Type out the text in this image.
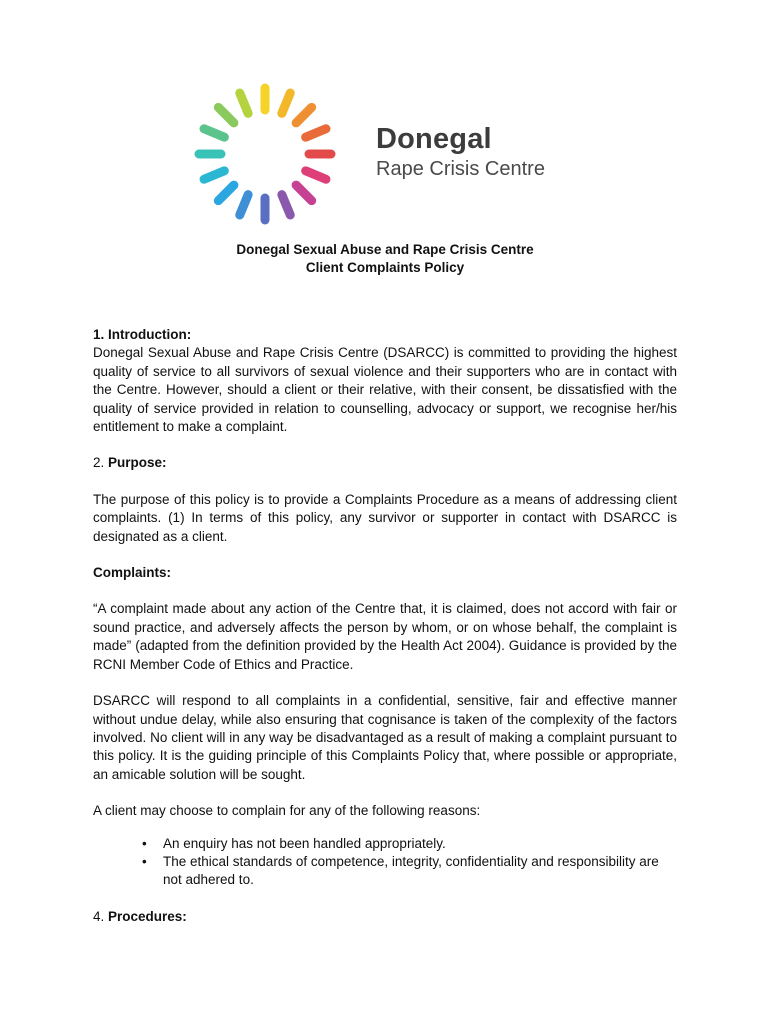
Donegal
Rape Crisis Centre
Donegal Sexual Abuse and Rape Crisis Centre
Client Complaints Policy

1. Introduction:

Donegal Sexual Abuse and Rape Crisis Centre (DSARCC) is committed to providing the highest quality of service to all survivors of sexual violence and their supporters who are in contact with the Centre. However, should a client or their relative, with their consent, be dissatisfied with the quality of service provided in relation to counselling, advocacy or support, we recognise her/his entitlement to make a complaint.

2. Purpose:

The purpose of this policy is to provide a Complaints Procedure as a means of addressing client complaints. (1) In terms of this policy, any survivor or supporter in contact with DSARCC is designated as a client.

Complaints:

“A complaint made about any action of the Centre that, it is claimed, does not accord with fair or sound practice, and adversely affects the person by whom, or on whose behalf, the complaint is made” (adapted from the definition provided by the Health Act 2004). Guidance is provided by the RCNI Member Code of Ethics and Practice.

DSARCC will respond to all complaints in a confidential, sensitive, fair and effective manner without undue delay, while also ensuring that cognisance is taken of the complexity of the factors involved. No client will in any way be disadvantaged as a result of making a complaint pursuant to this policy. It is the guiding principle of this Complaints Policy that, where possible or appropriate, an amicable solution will be sought.

A client may choose to complain for any of the following reasons:

• An enquiry has not been handled appropriately.
• The ethical standards of competence, integrity, confidentiality and responsibility are not adhered to.

4. Procedures:
